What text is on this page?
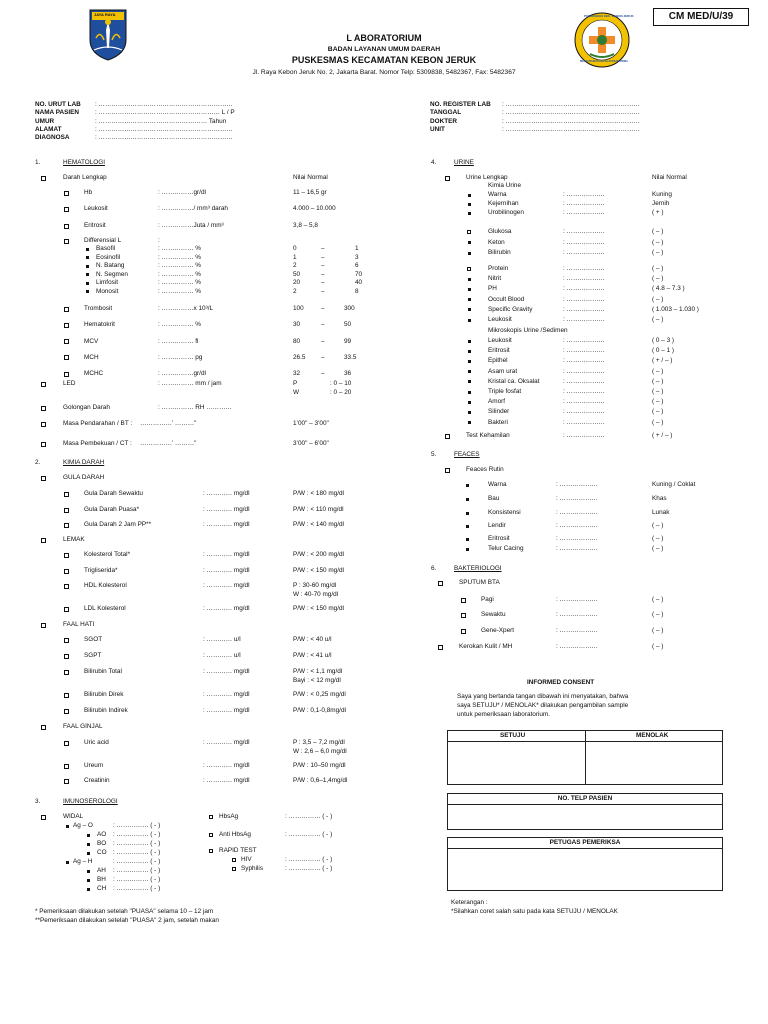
CM MED/U/39
JAYA RAYA	PUSKESMAS KEC. KEBON JERUK
MENGUTAMAKAN PELAYANAN PRIMA
L ABORATORIUM
BADAN LAYANAN UMUM DAERAH
PUSKESMAS KECAMATAN KEBON JERUK
Jl. Raya Kebon Jeruk No. 2, Jakarta Barat. Nomor Telp: 5309838, 5482367, Fax: 5482367
NO. URUT LAB : ………………………………………………………
NAMA PASIEN : ………………………………………………… L / P
UMUR	: …………………………………………… Tahun
ALAMAT	: ………………………………………………………
DIAGNOSA	: ………………………………………………………
NO. REGISTER LAB : ………………………………………………………
TANGGAL	: ………………………………………………………
DOKTER	: ………………………………………………………
UNIT	: ………………………………………………………
1.	HEMATOLOGI
Darah Lengkap	Nilai Normal
Hb	: ……………gr/dl	11 – 16,5 gr
Leukosit	: ……………/ mm³ darah	4.000 – 10.000
Eritrosit	: ……………Juta / mm³	3,8 – 5,8
Differensial L	:
Basofil	: …………… %	0	–	1
Eosinofil	: …………… %	1	–	3
N. Batang	: …………… %	2	–	6
N. Segmen	: …………… %	50	–	70
Limfosit	: …………… %	20	–	40
Monosit	: …………… %	2	–	8
Trombosit	: ……………x 10³/L	100	–	300
Hematokrit	: …………… %	30	–	50
MCV	: …………… fl	80	–	99
MCH	: …………… pg	26.5 –	33.5
MCHC	: ……………gr/dl	32	–	36
LED	: …………… mm / jam	P	: 0 – 10
W	: 0 – 20
Golongan Darah	: …………… RH …………
Masa Pendarahan / BT : ……………’ ………"	1’00" – 3’00"
Masa Pembekuan / CT : ……………’ ………"	3’00" – 6’00"
2.	KIMIA DARAH
GULA DARAH
Gula Darah Sewaktu	: ………… mg/dl	P/W : < 180 mg/dl
Gula Darah Puasa*	: ………… mg/dl	P/W : < 110 mg/dl
Gula Darah 2 Jam PP**	: ………… mg/dl	P/W : < 140 mg/dl
LEMAK
Kolesterol Total*	: ………… mg/dl	P/W : < 200 mg/dl
Trigliserida*	: ………… mg/dl	P/W : < 150 mg/dl
HDL Kolesterol	: ………… mg/dl	P : 30-60 mg/dl
W : 40-70 mg/dl
LDL Kolesterol	: ………… mg/dl	P/W : < 150 mg/dl
FAAL HATI
SGOT	: ………… u/l	P/W : < 40 u/l
SGPT	: ………… u/l	P/W : < 41 u/l
Bilirubin Total	: ………… mg/dl	P/W : < 1,1 mg/dl
Bayi : < 12 mg/dl
Bilirubin Direk	: ………… mg/dl	P/W : < 0,25 mg/dl
Bilirubin Indirek	: ………… mg/dl	P/W : 0,1-0,8mg/dl
FAAL GINJAL
Uric acid	: ………… mg/dl	P : 3,5 – 7,2 mg/dl
W : 2,6 – 6,0 mg/dl
Ureum	: ………… mg/dl	P/W : 10–50 mg/dl
Creatinin	: ………… mg/dl	P/W : 0,6–1,4mg/dl
3.	IMUNOSEROLOGI
WIDAL
Ag – O	: …………… ( - )
AO : …………… ( - )
BO : …………… ( - )
CO : …………… ( - )
Ag – H	: …………… ( - )
AH : …………… ( - )
BH : …………… ( - )
CH : …………… ( - )
HbsAg	: …………… ( - )
Anti HbsAg	: …………… ( - )
RAPID TEST
HIV	: …………… ( - )
Syphilis	: …………… ( - )
4.	URINE
Urine Lengkap	Nilai Normal
Kimia Urine
Warna	: ………………	Kuning
Kejernihan	: ………………	Jernih
Urobilinogen	: ………………	( + )
Glukosa	: ………………	( – )
Keton	: ………………	( – )
Bilirubin	: ………………	( – )
Protein	: ………………	( – )
Nitrit	: ………………	( – )
PH	: ………………	( 4.8 – 7.3 )
Occult Blood	: ………………	( – )
Specific Gravity	: ………………	( 1.003 – 1.030 )
Leukosit	: ………………	( – )
Mikroskopis Urine /Sedimen
Leukosit	: ………………	( 0 – 3 )
Eritrosit	: ………………	( 0 – 1 )
Epithel	: ………………	( + / – )
Asam urat	: ………………	( – )
Kristal ca. Oksalat	: ………………	( – )
Triple fosfat	: ………………	( – )
Amorf	: ………………	( – )
Silinder	: ………………	( – )
Bakteri	: ………………	( – )
Test Kehamilan	: ………………	( + / – )
5.	FEACES
Feaces Rutin
Warna	: ………………	Kuning / Coklat
Bau	: ………………	Khas
Konsistensi	: ………………	Lunak
Lendir	: ………………	( – )
Eritrosit	: ………………	( – )
Telur Cacing	: ………………	( – )
6.	BAKTERIOLOGI
SPUTUM BTA
Pagi	: ………………	( – )
Sewaktu	: ………………	( – )
Gene-Xpert	: ………………	( – )
Kerokan Kulit / MH	: ………………	( – )
INFORMED CONSENT
Saya yang bertanda tangan dibawah ini menyatakan, bahwa
saya SETUJU* / MENOLAK* dilakukan pengambilan sample
untuk pemeriksaan laboratorium.
SETUJU	MENOLAK
NO. TELP PASIEN
PETUGAS PEMERIKSA
Keterangan :
*Silahkan coret salah satu pada kata SETUJU / MENOLAK
* Pemeriksaan dilakukan setelah "PUASA" selama 10 – 12 jam
**Pemeriksaan dilakukan setelah "PUASA" 2 jam, setelah makan
